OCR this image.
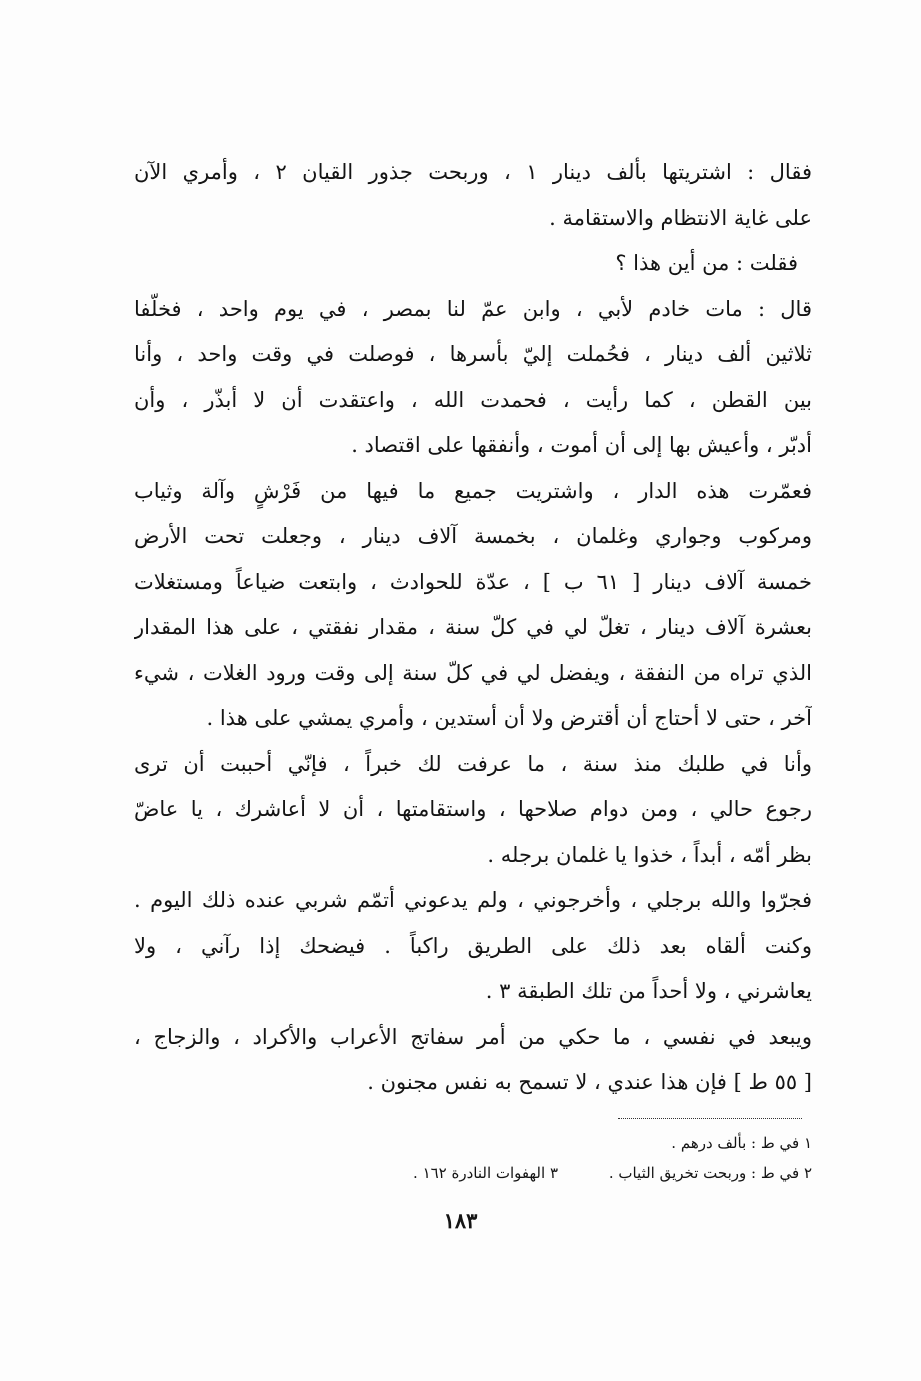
فقال : اشتريتها بألف دينار ١ ، وربحت جذور القيان ٢ ، وأمري الآن
على غاية الانتظام والاستقامة .
فقلت : من أين هذا ؟
قال : مات خادم لأبي ، وابن عمّ لنا بمصر ، في يوم واحد ، فخلّفا
ثلاثين ألف دينار ، فحُملت إليّ بأسرها ، فوصلت في وقت واحد ، وأنا
بين القطن ، كما رأيت ، فحمدت الله ، واعتقدت أن لا أبذّر ، وأن
أدبّر ، وأعيش بها إلى أن أموت ، وأنفقها على اقتصاد .
فعمّرت هذه الدار ، واشتريت جميع ما فيها من فَرْشٍ وآلة وثياب
ومركوب وجواري وغلمان ، بخمسة آلاف دينار ، وجعلت تحت الأرض
خمسة آلاف دينار [ ٦١ ب ] ، عدّة للحوادث ، وابتعت ضياعاً ومستغلات
بعشرة آلاف دينار ، تغلّ لي في كلّ سنة ، مقدار نفقتي ، على هذا المقدار
الذي تراه من النفقة ، ويفضل لي في كلّ سنة إلى وقت ورود الغلات ، شيء
آخر ، حتى لا أحتاج أن أقترض ولا أن أستدين ، وأمري يمشي على هذا .
وأنا في طلبك منذ سنة ، ما عرفت لك خبراً ، فإنّي أحببت أن ترى
رجوع حالي ، ومن دوام صلاحها ، واستقامتها ، أن لا أعاشرك ، يا عاضّ
بظر أمّه ، أبداً ، خذوا يا غلمان برجله .
فجرّوا والله برجلي ، وأخرجوني ، ولم يدعوني أتمّم شربي عنده ذلك اليوم .
وكنت ألقاه بعد ذلك على الطريق راكباً . فيضحك إذا رآني ، ولا
يعاشرني ، ولا أحداً من تلك الطبقة ٣ .
ويبعد في نفسي ، ما حكي من أمر سفاتج الأعراب والأكراد ، والزجاج ،
[ ٥٥ ط ] فإن هذا عندي ، لا تسمح به نفس مجنون .
١ في ط : بألف درهم .
٢ في ط : وربحت تخريق الثياب .
٣ الهفوات النادرة ١٦٢ .
١٨٣
